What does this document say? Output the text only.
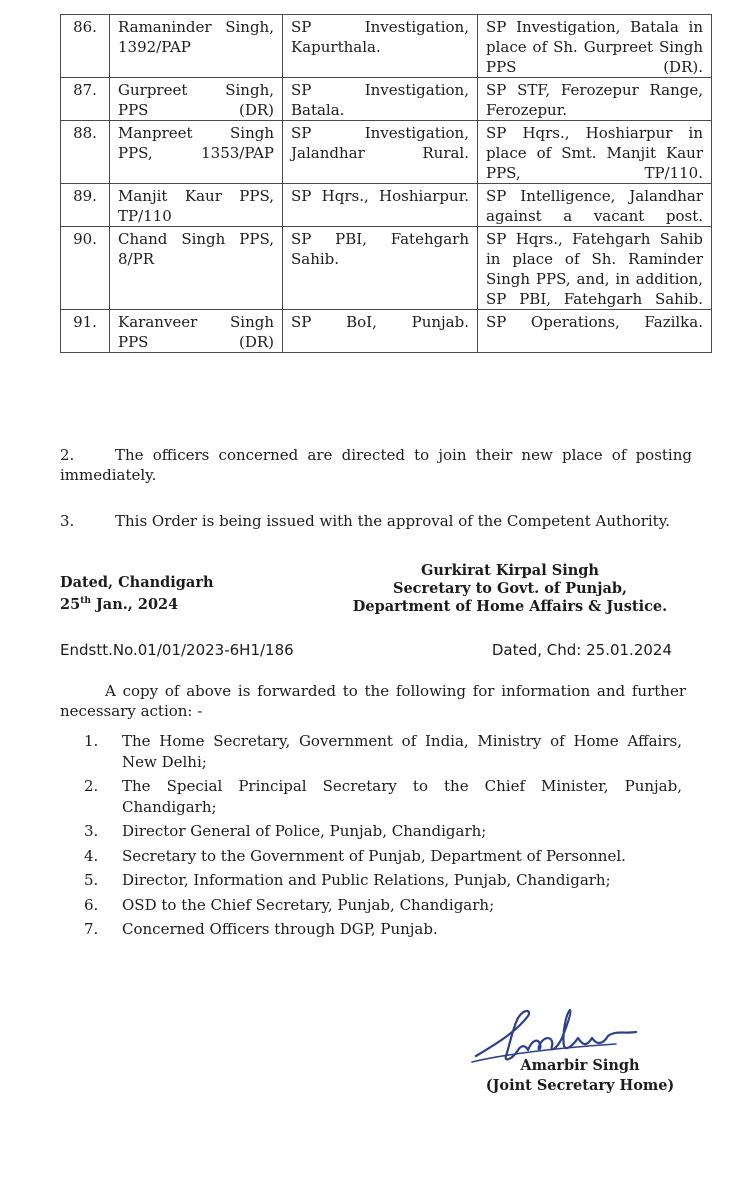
86.	Ramaninder Singh, 1392/PAP	SP Investigation, Kapurthala.	SP Investigation, Batala in place of Sh. Gurpreet Singh PPS (DR).
87.	Gurpreet Singh, PPS (DR)	SP Investigation, Batala.	SP STF, Ferozepur Range, Ferozepur.
88.	Manpreet Singh PPS, 1353/PAP	SP Investigation, Jalandhar Rural.	SP Hqrs., Hoshiarpur in place of Smt. Manjit Kaur PPS, TP/110.
89.	Manjit Kaur PPS, TP/110	SP Hqrs., Hoshiarpur.	SP Intelligence, Jalandhar against a vacant post.
90.	Chand Singh PPS, 8/PR	SP PBI, Fatehgarh Sahib.	SP Hqrs., Fatehgarh Sahib in place of Sh. Raminder Singh PPS, and, in addition, SP PBI, Fatehgarh Sahib.
91.	Karanveer Singh PPS (DR)	SP BoI, Punjab.	SP Operations, Fazilka.
2.	The officers concerned are directed to join their new place of posting immediately.
3.	This Order is being issued with the approval of the Competent Authority.
Dated, Chandigarh
25th Jan., 2024
Gurkirat Kirpal Singh
Secretary to Govt. of Punjab,
Department of Home Affairs & Justice.
Endstt.No.01/01/2023-6H1/186	Dated, Chd: 25.01.2024
A copy of above is forwarded to the following for information and further necessary action: -
1. The Home Secretary, Government of India, Ministry of Home Affairs, New Delhi;
2. The Special Principal Secretary to the Chief Minister, Punjab, Chandigarh;
3. Director General of Police, Punjab, Chandigarh;
4. Secretary to the Government of Punjab, Department of Personnel.
5. Director, Information and Public Relations, Punjab, Chandigarh;
6. OSD to the Chief Secretary, Punjab, Chandigarh;
7. Concerned Officers through DGP, Punjab.
Amarbir Singh
(Joint Secretary Home)
